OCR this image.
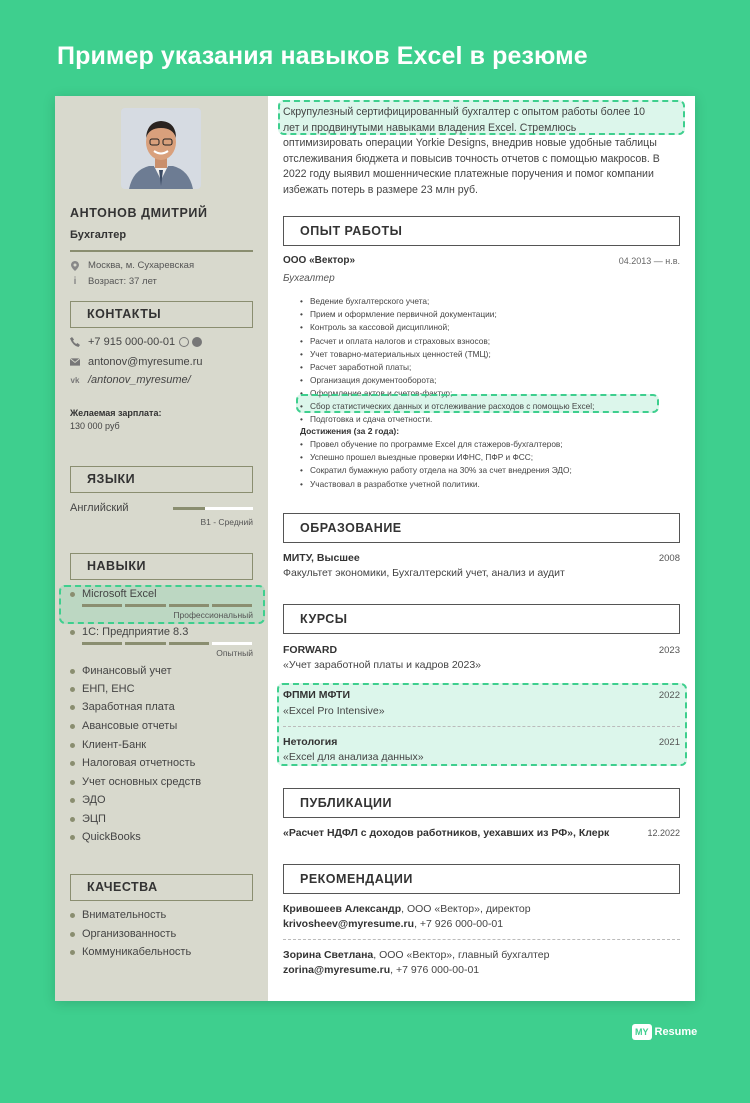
Пример указания навыков Excel в резюме
АНТОНОВ ДМИТРИЙ
Бухгалтер
Москва, м. Сухаревская
i	Возраст: 37 лет
КОНТАКТЫ
+7 915 000-00-01
antonov@myresume.ru
vk /antonov_myresume/
Желаемая зарплата:
130 000 руб
ЯЗЫКИ
Английский
B1 - Средний
НАВЫКИ
Microsoft Excel
Профессиональный
1С: Предприятие 8.3
Опытный
Финансовый учет
ЕНП, ЕНС
Заработная плата
Авансовые отчеты
Клиент-Банк
Налоговая отчетность
Учет основных средств
ЭДО
ЭЦП
QuickBooks
КАЧЕСТВА
Внимательность
Организованность
Коммуникабельность
Скрупулезный сертифицированный бухгалтер с опытом работы более 10
лет и продвинутыми навыками владения Excel. Стремлюсь
оптимизировать операции Yorkie Designs, внедрив новые удобные таблицы отслеживания бюджета и повысив точность отчетов с помощью макросов. В 2022 году выявил мошеннические платежные поручения и помог компании избежать потерь в размере 23 млн руб.
ОПЫТ РАБОТЫ
ООО «Вектор»	04.2013 — н.в.
Бухгалтер
• Ведение бухгалтерского учета;
• Прием и оформление первичной документации;
• Контроль за кассовой дисциплиной;
• Расчет и оплата налогов и страховых взносов;
• Учет товарно-материальных ценностей (ТМЦ);
• Расчет заработной платы;
• Организация документооборота;
• Оформление актов и счетов-фактур;
• Сбор статистических данных и отслеживание расходов с помощью Excel;
• Подготовка и сдача отчетности.
Достижения (за 2 года):
• Провел обучение по программе Excel для стажеров-бухгалтеров;
• Успешно прошел выездные проверки ИФНС, ПФР и ФСС;
• Сократил бумажную работу отдела на 30% за счет внедрения ЭДО;
• Участвовал в разработке учетной политики.
ОБРАЗОВАНИЕ
МИТУ, Высшее	2008
Факультет экономики, Бухгалтерский учет, анализ и аудит
КУРСЫ
FORWARD	2023
«Учет заработной платы и кадров 2023»
ФПМИ МФТИ	2022
«Excel Pro Intensive»
Нетология	2021
«Excel для анализа данных»
ПУБЛИКАЦИИ
«Расчет НДФЛ с доходов работников, уехавших из РФ», Клерк	12.2022
РЕКОМЕНДАЦИИ
Кривошеев Александр, ООО «Вектор», директор
krivosheev@myresume.ru, +7 926 000-00-01
Зорина Светлана, ООО «Вектор», главный бухгалтер
zorina@myresume.ru, +7 976 000-00-01
MY Resume
